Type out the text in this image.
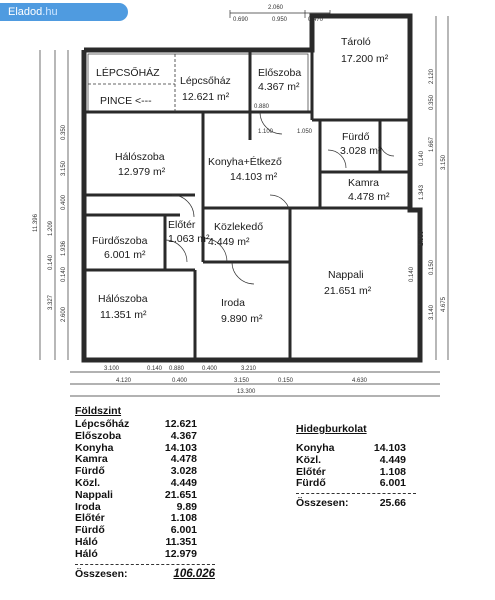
2.060
0.690	0.950	0.470
Tároló
17.200 m²
LÉPCSŐHÁZ
PINCE <---
Lépcsőház
12.621 m²
Előszoba
4.367 m²
Hálószoba
12.979 m²
Konyha+Étkező
14.103 m²
Fürdő
3.028 m²
Kamra
4.478 m²
Fürdőszoba
6.001 m²
Előtér
1.063 m²
Közlekedő
4.449 m²
Nappali
21.651 m²
Hálószoba
11.351 m²
Iroda
9.890 m²
0.880
1.100	1.050
0.140
1.343
1.386
0.140
2.120
0.350
1.667
3.150
0.150
4.675
3.140
11.396
0.350
3.150
0.400
1.209
1.936
0.140
0.140
3.327
2.600
3.100	0.140 0.880	0.400	3.210
4.120	0.400	3.150	0.150	4.630
13.300
Eladod.hu
Földszint
Lépcsőház	12.621
Előszoba	4.367
Konyha	14.103
Kamra	4.478
Fürdő	3.028
Közl.	4.449
Nappali	21.651
Iroda	9.89
Előtér	1.108
Fürdő	6.001
Háló	11.351
Háló	12.979
Összesen:	106.026
Hidegburkolat
Konyha	14.103
Közl.	4.449
Előtér	1.108
Fürdő	6.001
Összesen:	25.66
